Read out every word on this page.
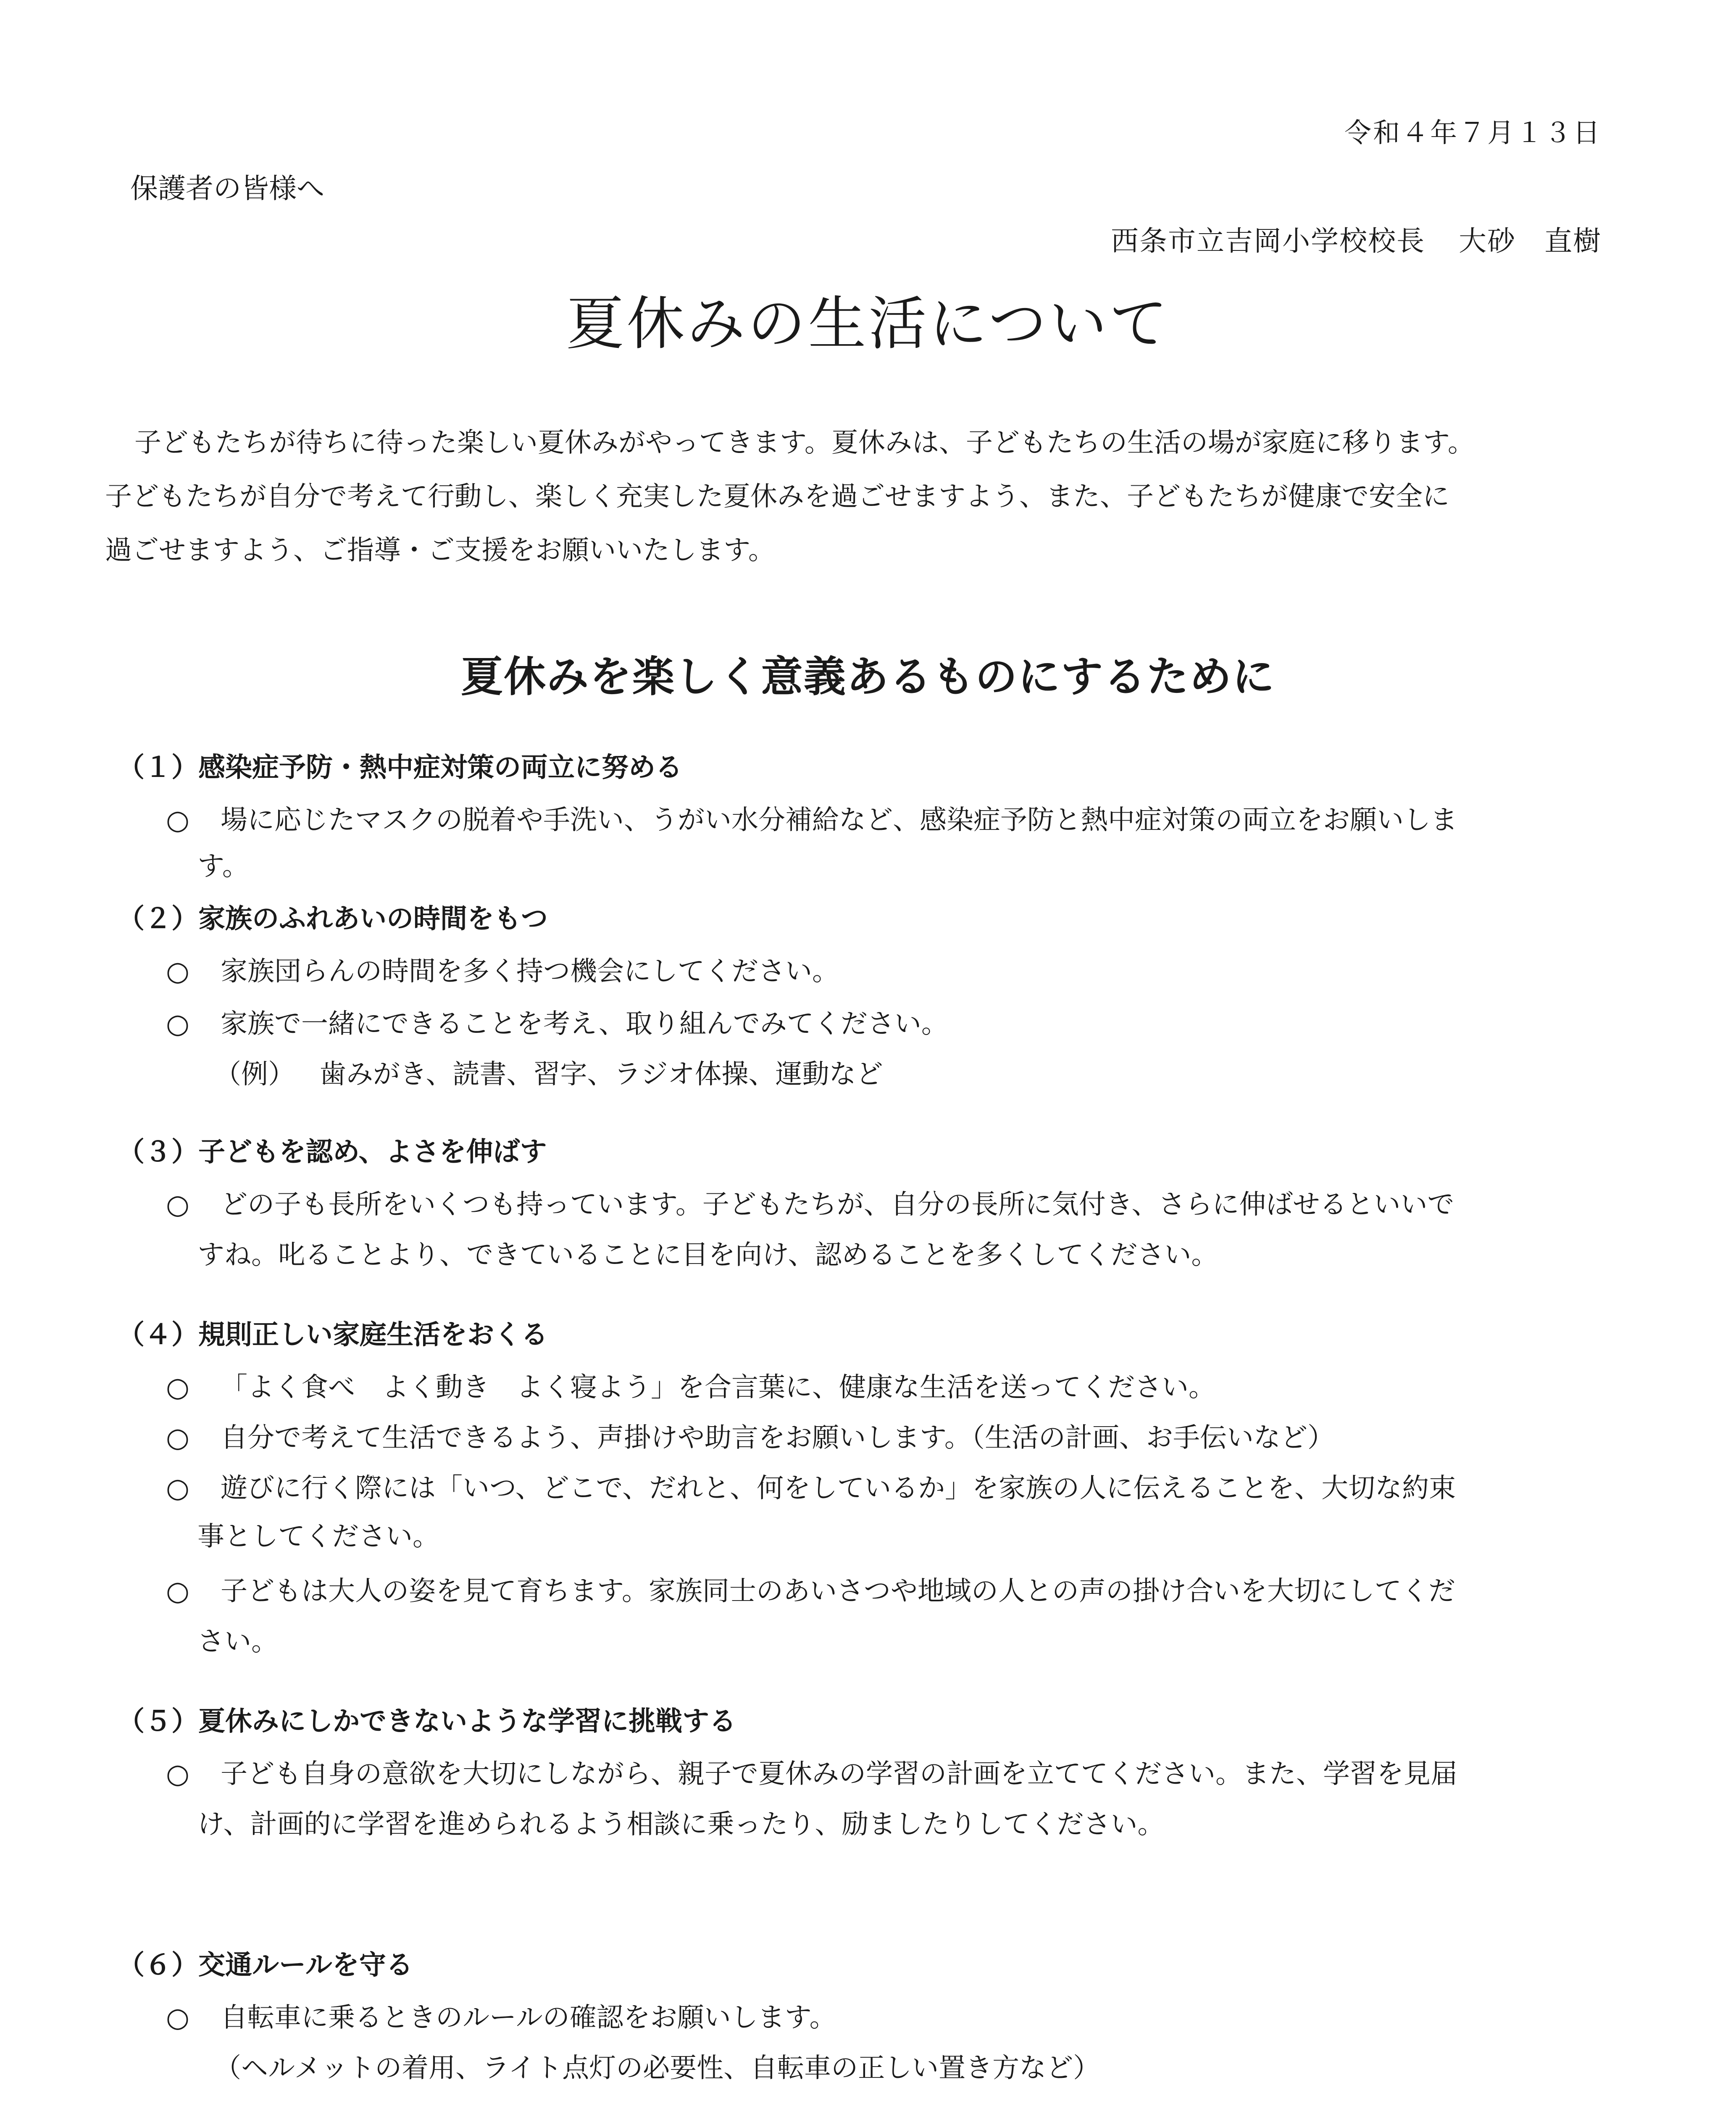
令和４年７月１３日
保護者の皆様へ
西条市立吉岡小学校校長 大砂　直樹
夏休みの生活について
子どもたちが待ちに待った楽しい夏休みがやってきます。夏休みは、子どもたちの生活の場が家庭に移ります。
子どもたちが自分で考えて行動し、楽しく充実した夏休みを過ごせますよう、また、子どもたちが健康で安全に
過ごせますよう、ご指導・ご支援をお願いいたします。
夏休みを楽しく意義あるものにするために
（１）感染症予防・熱中症対策の両立に努める
○ 場に応じたマスクの脱着や手洗い、うがい水分補給など、感染症予防と熱中症対策の両立をお願いしま
す。
（２）家族のふれあいの時間をもつ
○ 家族団らんの時間を多く持つ機会にしてください。
○ 家族で一緒にできることを考え、取り組んでみてください。
（例） 歯みがき、読書、習字、ラジオ体操、運動など
（３）子どもを認め、よさを伸ばす
○ どの子も長所をいくつも持っています。子どもたちが、自分の長所に気付き、さらに伸ばせるといいで
すね。叱ることより、できていることに目を向け、認めることを多くしてください。
（４）規則正しい家庭生活をおくる
○ 「よく食べ　よく動き　よく寝よう」を合言葉に、健康な生活を送ってください。
○ 自分で考えて生活できるよう、声掛けや助言をお願いします。（生活の計画、お手伝いなど）
○ 遊びに行く際には「いつ、どこで、だれと、何をしているか」を家族の人に伝えることを、大切な約束
事としてください。
○ 子どもは大人の姿を見て育ちます。家族同士のあいさつや地域の人との声の掛け合いを大切にしてくだ
さい。
（５）夏休みにしかできないような学習に挑戦する
○ 子ども自身の意欲を大切にしながら、親子で夏休みの学習の計画を立ててください。また、学習を見届
け、計画的に学習を進められるよう相談に乗ったり、励ましたりしてください。
（６）交通ルールを守る
○ 自転車に乗るときのルールの確認をお願いします。
（ヘルメットの着用、ライト点灯の必要性、自転車の正しい置き方など）
